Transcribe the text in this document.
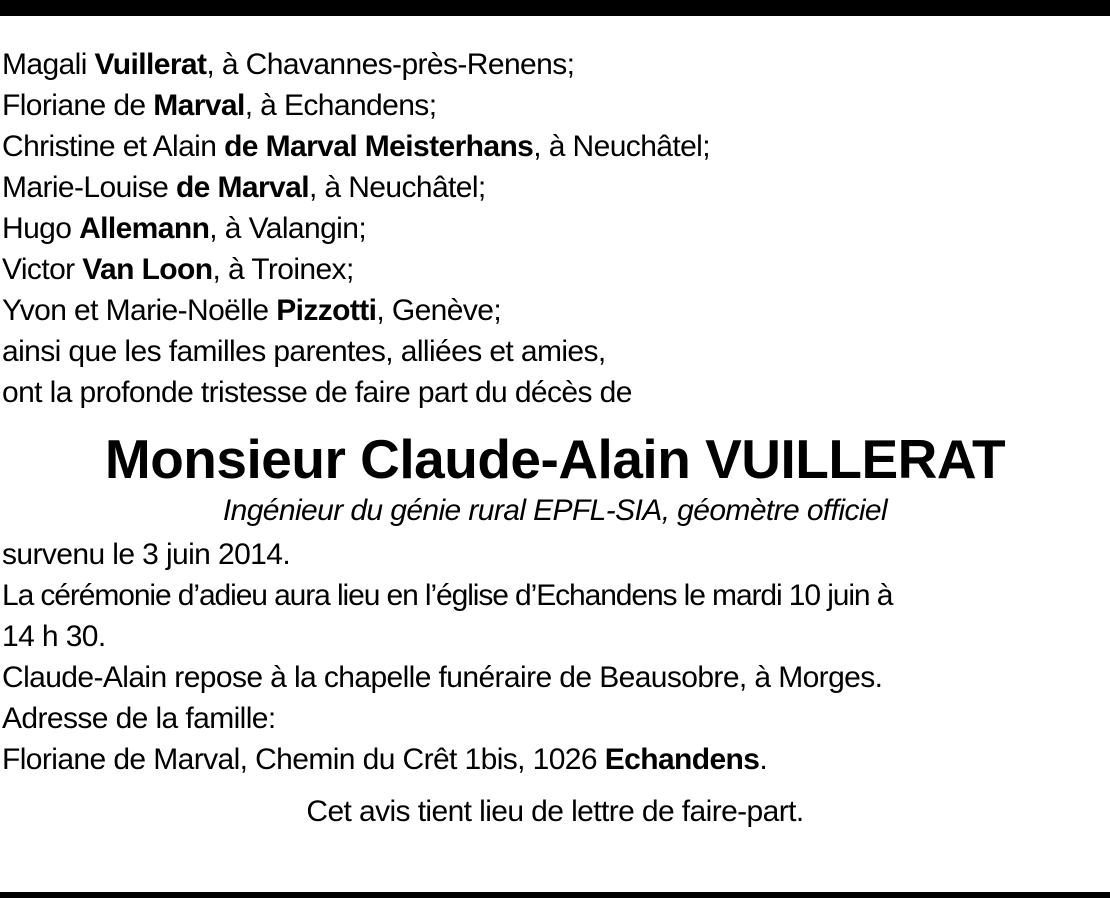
Magali Vuillerat, à Chavannes-près-Renens;
Floriane de Marval, à Echandens;
Christine et Alain de Marval Meisterhans, à Neuchâtel;
Marie-Louise de Marval, à Neuchâtel;
Hugo Allemann, à Valangin;
Victor Van Loon, à Troinex;
Yvon et Marie-Noëlle Pizzotti, Genève;
ainsi que les familles parentes, alliées et amies,
ont la profonde tristesse de faire part du décès de
Monsieur Claude-Alain VUILLERAT
Ingénieur du génie rural EPFL-SIA, géomètre officiel
survenu le 3 juin 2014.
La cérémonie d’adieu aura lieu en l’église d’Echandens le mardi 10 juin à
14 h 30.
Claude-Alain repose à la chapelle funéraire de Beausobre, à Morges.
Adresse de la famille:
Floriane de Marval, Chemin du Crêt 1bis, 1026 Echandens.
Cet avis tient lieu de lettre de faire-part.
